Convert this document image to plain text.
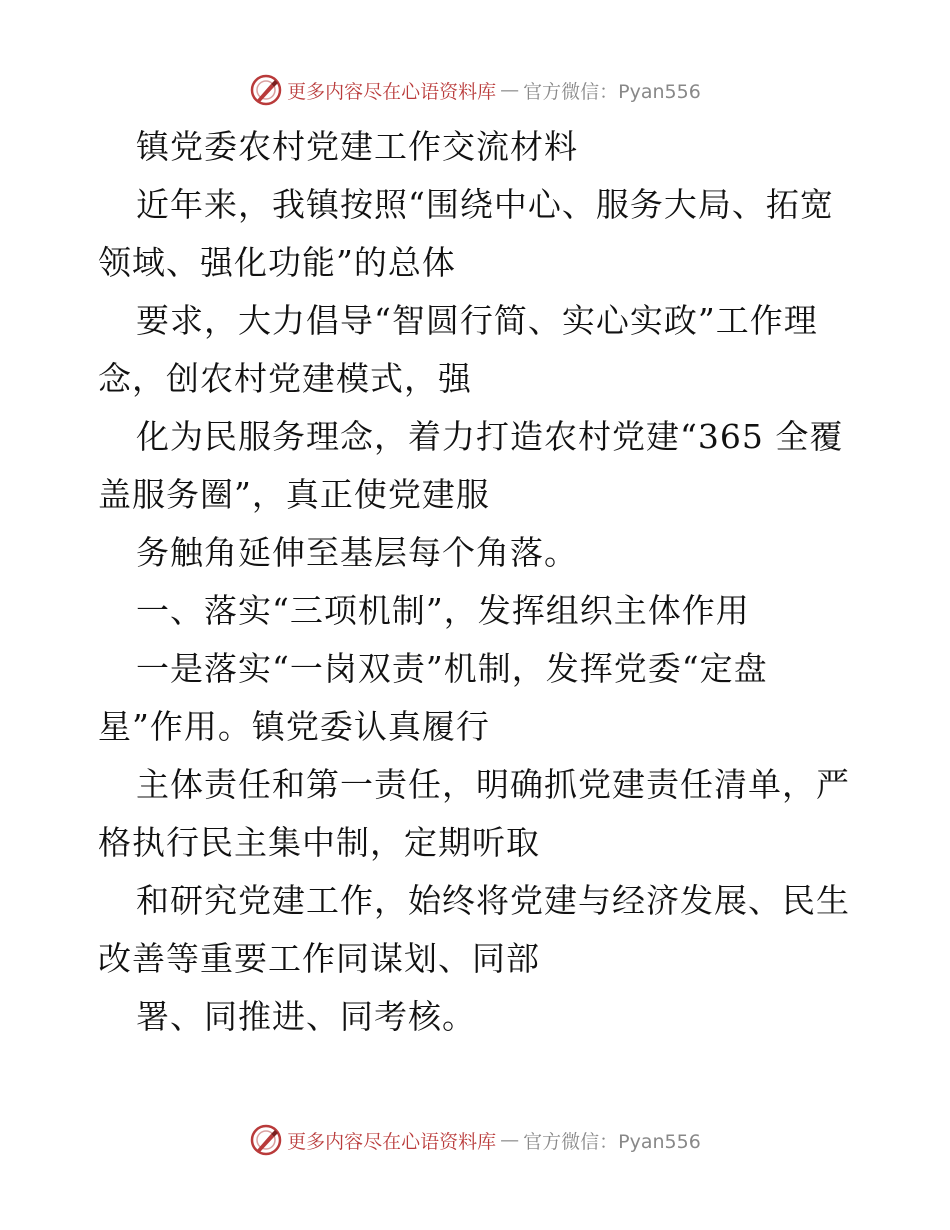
更多内容尽在心语资料库 — 官方微信：Pyan556
镇党委农村党建工作交流材料
近年来，我镇按照“围绕中心、服务大局、拓宽
领域、强化功能”的总体
要求，大力倡导“智圆行简、实心实政”工作理
念，创农村党建模式，强
化为民服务理念，着力打造农村党建“365 全覆
盖服务圈”，真正使党建服
务触角延伸至基层每个角落。
一、落实“三项机制”，发挥组织主体作用
一是落实“一岗双责”机制，发挥党委“定盘
星”作用。镇党委认真履行
主体责任和第一责任，明确抓党建责任清单，严
格执行民主集中制，定期听取
和研究党建工作，始终将党建与经济发展、民生
改善等重要工作同谋划、同部
署、同推进、同考核。
更多内容尽在心语资料库 — 官方微信：Pyan556
